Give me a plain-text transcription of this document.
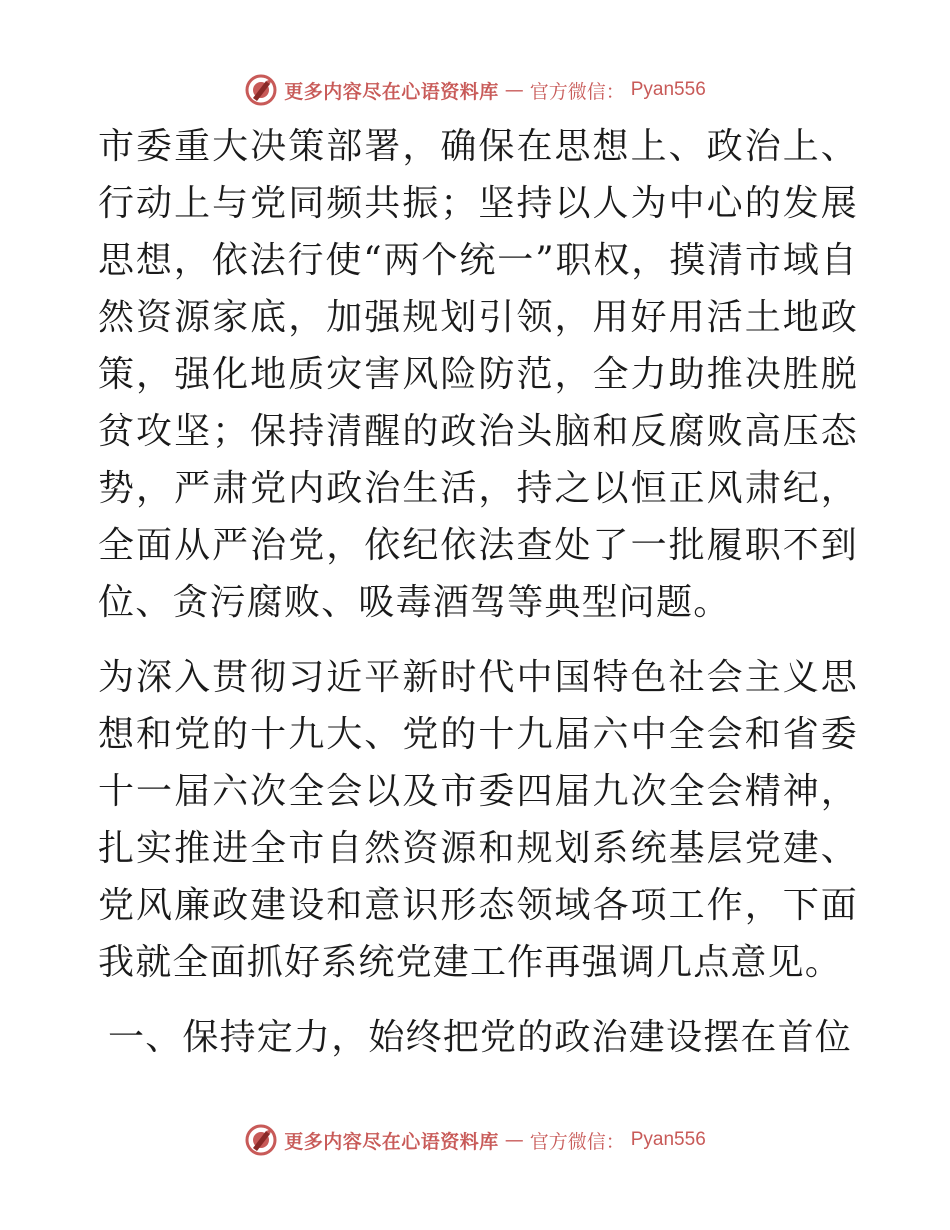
更多内容尽在心语资料库 — 官方微信： Pyan556

市委重大决策部署，确保在思想上、政治上、行动上与党同频共振；坚持以人为中心的发展思想，依法行使“两个统一”职权，摸清市域自然资源家底，加强规划引领，用好用活土地政策，强化地质灾害风险防范，全力助推决胜脱贫攻坚；保持清醒的政治头脑和反腐败高压态势，严肃党内政治生活，持之以恒正风肃纪，全面从严治党，依纪依法查处了一批履职不到位、贪污腐败、吸毒酒驾等典型问题。

为深入贯彻习近平新时代中国特色社会主义思想和党的十九大、党的十九届六中全会和省委十一届六次全会以及市委四届九次全会精神，扎实推进全市自然资源和规划系统基层党建、党风廉政建设和意识形态领域各项工作，下面我就全面抓好系统党建工作再强调几点意见。

一、保持定力，始终把党的政治建设摆在首位

更多内容尽在心语资料库 — 官方微信： Pyan556
